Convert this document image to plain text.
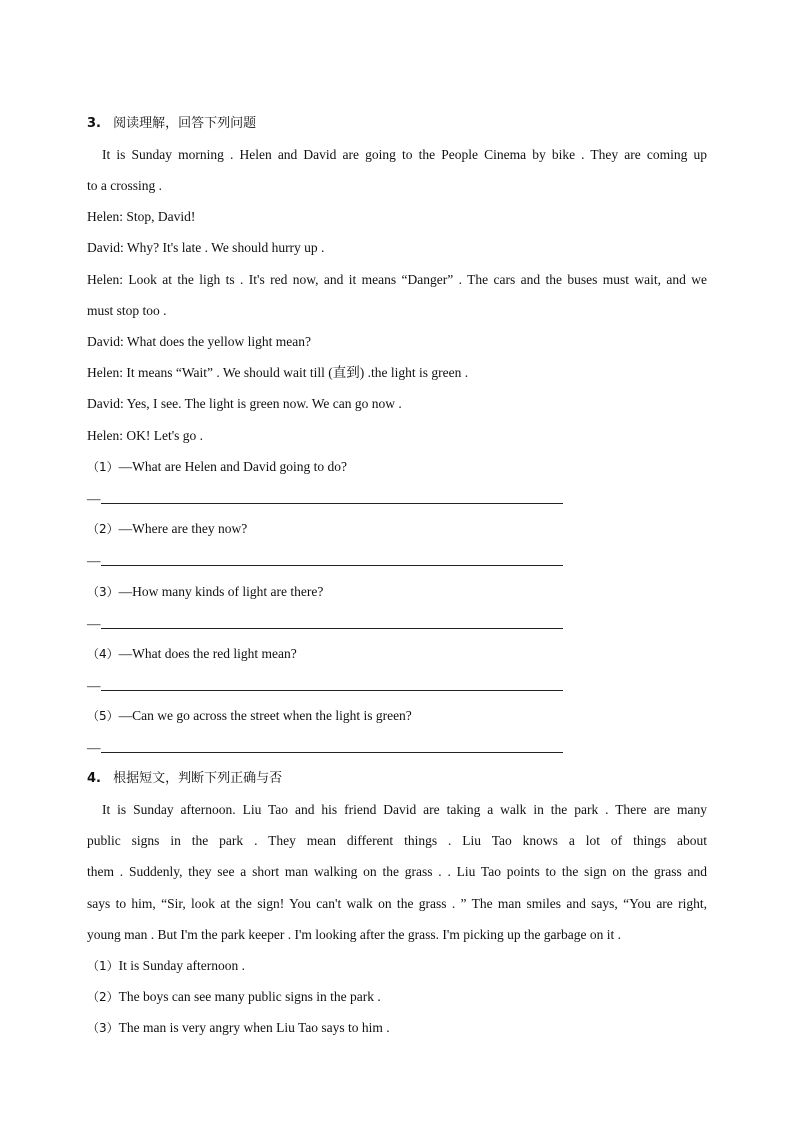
3. 阅读理解，回答下列问题
It is Sunday morning . Helen and David are going to the People Cinema by bike . They are coming up
to a crossing .
Helen: Stop, David!
David: Why? It's late . We should hurry up .
Helen: Look at the ligh ts . It's red now, and it means “Danger” . The cars and the buses must wait, and we
must stop too .
David: What does the yellow light mean?
Helen: It means “Wait” . We should wait till (直到) .the light is green .
David: Yes, I see. The light is green now. We can go now .
Helen: OK! Let's go .
（1）—What are Helen and David going to do?
—
（2）—Where are they now?
—
（3）—How many kinds of light are there?
—
（4）—What does the red light mean?
—
（5）—Can we go across the street when the light is green?
—
4. 根据短文，判断下列正确与否
It is Sunday afternoon. Liu Tao and his friend David are taking a walk in the park . There are many
public signs in the park . They mean different things . Liu Tao knows a lot of things about
them . Suddenly, they see a short man walking on the grass . . Liu Tao points to the sign on the grass and
says to him, “Sir, look at the sign! You can't walk on the grass . ” The man smiles and says, “You are right,
young man . But I'm the park keeper . I'm looking after the grass. I'm picking up the garbage on it .
（1）It is Sunday afternoon .
（2）The boys can see many public signs in the park .
（3）The man is very angry when Liu Tao says to him .
